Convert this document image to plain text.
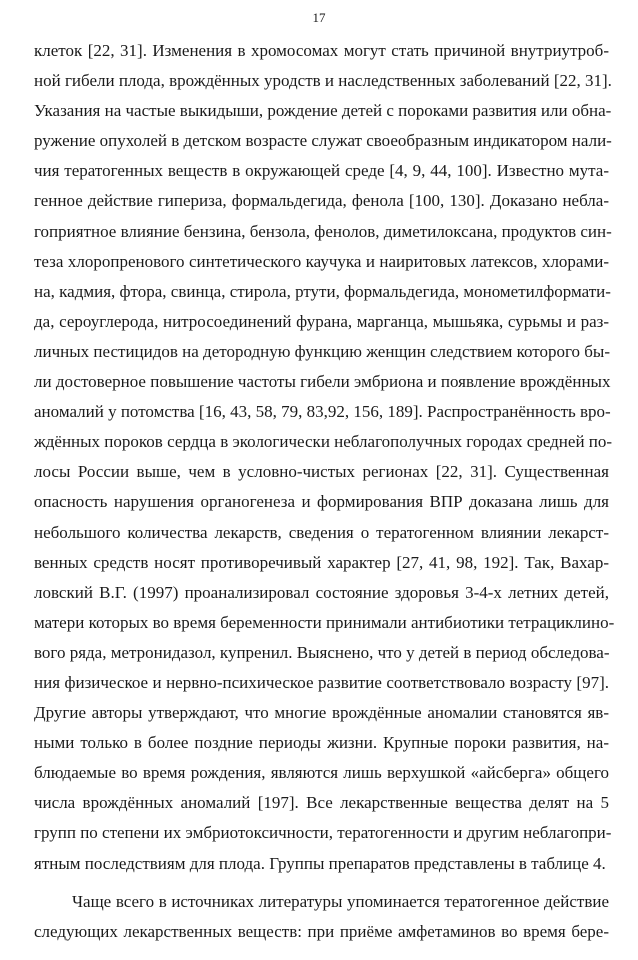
17
клеток [22, 31]. Изменения в хромосомах могут стать причиной внутриутроб-
ной гибели плода, врождённых уродств и наследственных заболеваний [22, 31].
Указания на частые выкидыши, рождение детей с пороками развития или обна-
ружение опухолей в детском возрасте служат своеобразным индикатором нали-
чия тератогенных веществ в окружающей среде [4, 9, 44, 100]. Известно мута-
генное действие гипериза, формальдегида, фенола [100, 130]. Доказано небла-
гоприятное влияние бензина, бензола, фенолов, диметилоксана, продуктов син-
теза хлоропренового синтетического каучука и наиритовых латексов, хлорами-
на, кадмия, фтора, свинца, стирола, ртути, формальдегида, монометилформати-
да, сероуглерода, нитросоединений фурана, марганца, мышьяка, сурьмы и раз-
личных пестицидов на детородную функцию женщин следствием которого бы-
ли достоверное повышение частоты гибели эмбриона и появление врождённых
аномалий у потомства [16, 43, 58, 79, 83,92, 156, 189]. Распространённость вро-
ждённых пороков сердца в экологически неблагополучных городах средней по-
лосы России выше, чем в условно-чистых регионах [22, 31]. Существенная
опасность нарушения органогенеза и формирования ВПР доказана лишь для
небольшого количества лекарств, сведения о тератогенном влиянии лекарст-
венных средств носят противоречивый характер [27, 41, 98, 192]. Так, Вахар-
ловский В.Г. (1997) проанализировал состояние здоровья 3-4-х летних детей,
матери которых во время беременности принимали антибиотики тетрациклино-
вого ряда, метронидазол, купренил. Выяснено, что у детей в период обследова-
ния физическое и нервно-психическое развитие соответствовало возрасту [97].
Другие авторы утверждают, что многие врождённые аномалии становятся яв-
ными только в более поздние периоды жизни. Крупные пороки развития, на-
блюдаемые во время рождения, являются лишь верхушкой «айсберга» общего
числа врождённых аномалий [197]. Все лекарственные вещества делят на 5
групп по степени их эмбриотоксичности, тератогенности и другим неблагопри-
ятным последствиям для плода. Группы препаратов представлены в таблице 4.
Чаще всего в источниках литературы упоминается тератогенное действие
следующих лекарственных веществ: при приёме амфетаминов во время бере-
